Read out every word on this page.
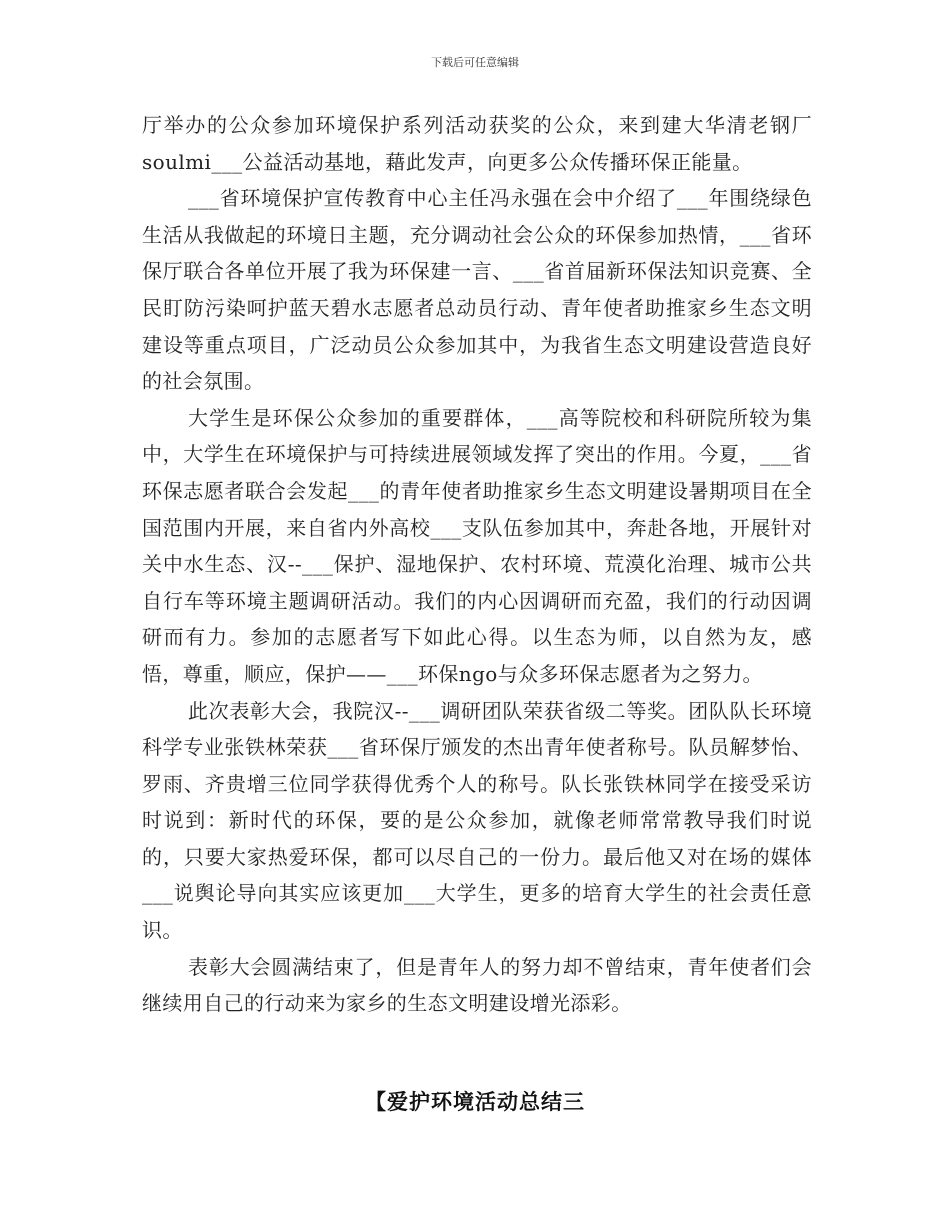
下载后可任意编辑

厅举办的公众参加环境保护系列活动获奖的公众，来到建大华清老钢厂soulmi___公益活动基地，藉此发声，向更多公众传播环保正能量。

___省环境保护宣传教育中心主任冯永强在会中介绍了___年围绕绿色生活从我做起的环境日主题，充分调动社会公众的环保参加热情，___省环保厅联合各单位开展了我为环保建一言、___省首届新环保法知识竞赛、全民盯防污染呵护蓝天碧水志愿者总动员行动、青年使者助推家乡生态文明建设等重点项目，广泛动员公众参加其中，为我省生态文明建设营造良好的社会氛围。

大学生是环保公众参加的重要群体，___高等院校和科研院所较为集中，大学生在环境保护与可持续进展领域发挥了突出的作用。今夏，___省环保志愿者联合会发起___的青年使者助推家乡生态文明建设暑期项目在全国范围内开展，来自省内外高校___支队伍参加其中，奔赴各地，开展针对关中水生态、汉--___保护、湿地保护、农村环境、荒漠化治理、城市公共自行车等环境主题调研活动。我们的内心因调研而充盈，我们的行动因调研而有力。参加的志愿者写下如此心得。以生态为师，以自然为友，感悟，尊重，顺应，保护——___环保ngo与众多环保志愿者为之努力。

此次表彰大会，我院汉--___调研团队荣获省级二等奖。团队队长环境科学专业张铁林荣获___省环保厅颁发的杰出青年使者称号。队员解梦怡、罗雨、齐贵增三位同学获得优秀个人的称号。队长张铁林同学在接受采访时说到：新时代的环保，要的是公众参加，就像老师常常教导我们时说的，只要大家热爱环保，都可以尽自己的一份力。最后他又对在场的媒体___说舆论导向其实应该更加___大学生，更多的培育大学生的社会责任意识。

表彰大会圆满结束了，但是青年人的努力却不曾结束，青年使者们会继续用自己的行动来为家乡的生态文明建设增光添彩。

【爱护环境活动总结三
